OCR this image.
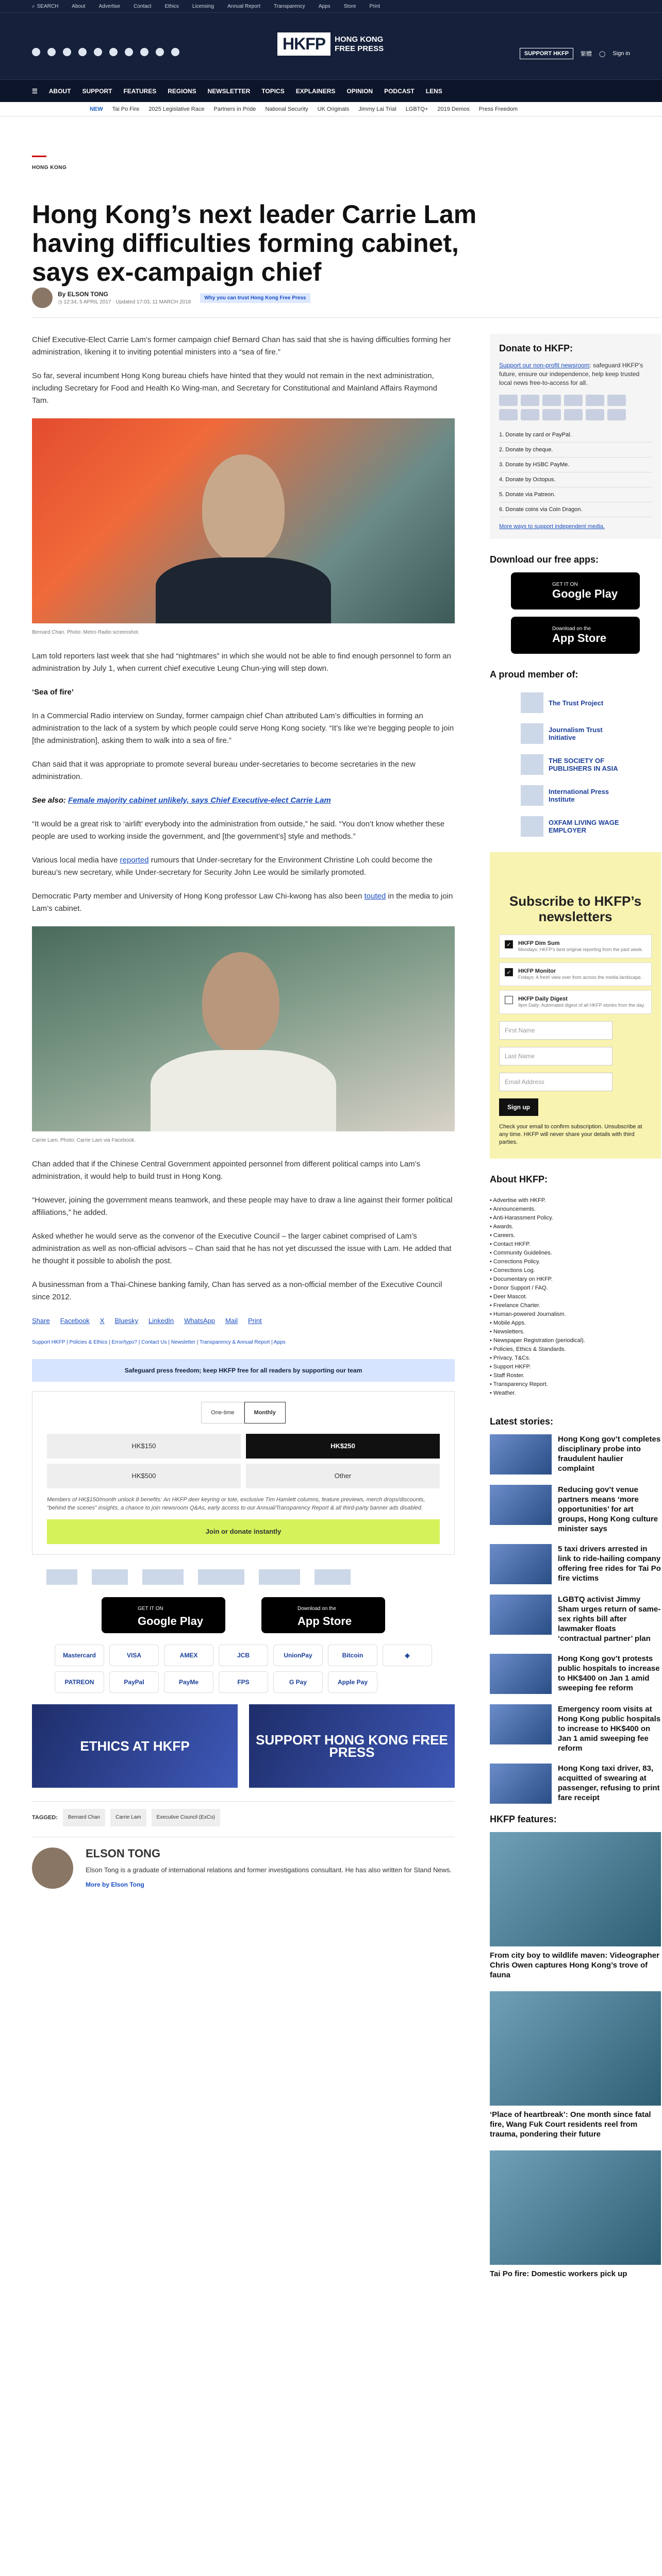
⌕ SEARCH	About	Advertise	Contact	Ethics	Licensing	Annual Report	Transparency	Apps	Store	Print
HKFP	HONG KONG
FREE PRESS
SUPPORT HKFP	繁體 ◯ Sign in
☰ ABOUT SUPPORT FEATURES REGIONS NEWSLETTER TOPICS EXPLAINERS OPINION PODCAST LENS
NEW Tai Po Fire 2025 Legislative Race Partners in Pride National Security UK Originals Jimmy Lai Trial LGBTQ+ 2019 Demos Press Freedom
HONG KONG
Hong Kong’s next leader Carrie Lam having difficulties forming cabinet, says ex-campaign chief
By ELSON TONG
◷ 12:34, 5 APRIL 2017 · Updated 17:03, 11 MARCH 2018
Why you can trust Hong Kong Free Press

Chief Executive-Elect Carrie Lam’s former campaign chief Bernard Chan has said that she is having difficulties forming her administration, likening it to inviting potential ministers into a “sea of fire.”

So far, several incumbent Hong Kong bureau chiefs have hinted that they would not remain in the next administration, including Secretary for Food and Health Ko Wing-man, and Secretary for Constitutional and Mainland Affairs Raymond Tam.

Bernard Chan. Photo: Metro Radio screenshot.

Lam told reporters last week that she had “nightmares” in which she would not be able to find enough personnel to form an administration by July 1, when current chief executive Leung Chun-ying will step down.

‘Sea of fire’

In a Commercial Radio interview on Sunday, former campaign chief Chan attributed Lam’s difficulties in forming an administration to the lack of a system by which people could serve Hong Kong society. “It’s like we’re begging people to join [the administration], asking them to walk into a sea of fire.”

Chan said that it was appropriate to promote several bureau under-secretaries to become secretaries in the new administration.

See also: Female majority cabinet unlikely, says Chief Executive-elect Carrie Lam

“It would be a great risk to ‘airlift’ everybody into the administration from outside,” he said. “You don’t know whether these people are used to working inside the government, and [the government’s] style and methods.”

Various local media have reported rumours that Under-secretary for the Environment Christine Loh could become the bureau’s new secretary, while Under-secretary for Security John Lee would be similarly promoted.

Democratic Party member and University of Hong Kong professor Law Chi-kwong has also been touted in the media to join Lam’s cabinet.

Carrie Lam. Photo: Carrie Lam via Facebook.

Chan added that if the Chinese Central Government appointed personnel from different political camps into Lam’s administration, it would help to build trust in Hong Kong.

“However, joining the government means teamwork, and these people may have to draw a line against their former political affiliations,” he added.

Asked whether he would serve as the convenor of the Executive Council – the larger cabinet comprised of Lam’s administration as well as non-official advisors – Chan said that he has not yet discussed the issue with Lam. He added that he thought it possible to abolish the post.

A businessman from a Thai-Chinese banking family, Chan has served as a non-official member of the Executive Council since 2012.

Share Facebook X Bluesky LinkedIn WhatsApp Mail Print
Support HKFP | Policies & Ethics | Error/typo? | Contact Us | Newsletter | Transparency & Annual Report | Apps
Safeguard press freedom; keep HKFP free for all readers by supporting our team
One-time	Monthly
HK$150	HK$250
HK$500	Other
Members of HK$150/month unlock 8 benefits: An HKFP deer keyring or tote, exclusive Tim Hamlett columns, feature previews, merch drops/discounts, “behind the scenes” insights, a chance to join newsroom Q&As, early access to our Annual/Transparency Report & all third-party banner ads disabled.
Join or donate instantly
GET IT ON
Google Play
Download on the
App Store
Mastercard	VISA	AMEX	JCB	UnionPay	Bitcoin	◈
PATREON	PayPal	PayMe	FPS	G Pay	Apple Pay
ETHICS AT HKFP	SUPPORT HONG KONG FREE PRESS
TAGGED:	Bernard Chan	Carrie Lam	Executive Council (ExCo)
ELSON TONG

Elson Tong is a graduate of international relations and former investigations consultant. He has also written for Stand News.

More by Elson Tong
Donate to HKFP:
Support our non-profit newsroom: safeguard HKFP’s future, ensure our independence, help keep trusted local news free-to-access for all.
1. Donate by card or PayPal.
2. Donate by cheque.
3. Donate by HSBC PayMe.
4. Donate by Octopus.
5. Donate via Patreon.
6. Donate coins via Coin Dragon.
More ways to support independent media.
Download our free apps:
GET IT ON
Google Play
Download on the
App Store
A proud member of:
The Trust Project
Journalism Trust Initiative
THE SOCIETY OF PUBLISHERS IN ASIA
International Press Institute
OXFAM LIVING WAGE EMPLOYER
Subscribe to HKFP’s newsletters
✓	HKFP Dim Sum
Mondays: HKFP’s best original reporting from the past week.
✓	HKFP Monitor
Fridays: A fresh view over from across the media landscape.
HKFP Daily Digest
9pm Daily: Automated digest of all HKFP stories from the day.
First Name
Last Name
Email Address
Sign up
Check your email to confirm subscription. Unsubscribe at any time. HKFP will never share your details with third parties.
About HKFP:
• Advertise with HKFP.
• Announcements.
• Anti-Harassment Policy.
• Awards.
• Careers.
• Contact HKFP.
• Community Guidelines.
• Corrections Policy.
• Corrections Log.
• Documentary on HKFP.
• Donor Support / FAQ.
• Deer Mascot.
• Freelance Charter.
• Human-powered Journalism.
• Mobile Apps.
• Newsletters.
• Newspaper Registration (periodical).
• Policies, Ethics & Standards.
• Privacy, T&Cs.
• Support HKFP.
• Staff Roster.
• Transparency Report.
• Weather.
Latest stories:
Hong Kong gov’t completes disciplinary probe into fraudulent haulier complaint
Reducing gov’t venue partners means ‘more opportunities’ for art groups, Hong Kong culture minister says
5 taxi drivers arrested in link to ride-hailing company offering free rides for Tai Po fire victims
LGBTQ activist Jimmy Sham urges return of same-sex rights bill after lawmaker floats ‘contractual partner’ plan
Hong Kong gov’t protests public hospitals to increase to HK$400 on Jan 1 amid sweeping fee reform
Emergency room visits at Hong Kong public hospitals to increase to HK$400 on Jan 1 amid sweeping fee reform
Hong Kong taxi driver, 83, acquitted of swearing at passenger, refusing to print fare receipt
HKFP features:
From city boy to wildlife maven: Videographer Chris Owen captures Hong Kong’s trove of fauna
‘Place of heartbreak’: One month since fatal fire, Wang Fuk Court residents reel from trauma, pondering their future
Tai Po fire: Domestic workers pick up
